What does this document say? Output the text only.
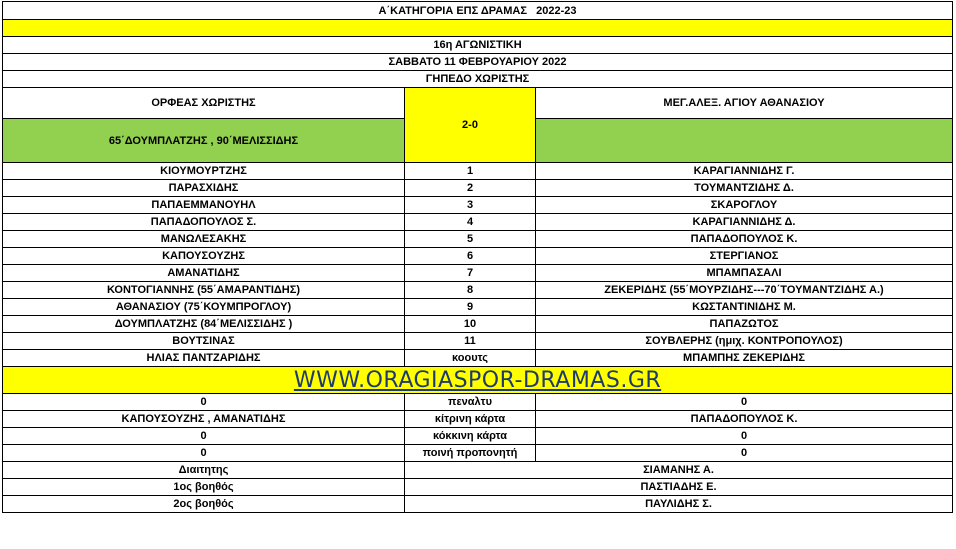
Α΄ΚΑΤΗΓΟΡΙΑ ΕΠΣ ΔΡΑΜΑΣ   2022-23		

16η ΑΓΩΝΙΣΤΙΚΗ		
ΣΑΒΒΑΤΟ 11 ΦΕΒΡΟΥΑΡΙΟΥ 2022		
ΓΗΠΕΔΟ ΧΩΡΙΣΤΗΣ		
ΟΡΦΕΑΣ ΧΩΡΙΣΤΗΣ	2-0	ΜΕΓ.ΑΛΕΞ. ΑΓΙΟΥ ΑΘΑΝΑΣΙΟΥ
65΄ΔΟΥΜΠΛΑΤΖΗΣ , 90΄ΜΕΛΙΣΣΙΔΗΣ		
ΚΙΟΥΜΟΥΡΤΖΗΣ	1	ΚΑΡΑΓΙΑΝΝΙΔΗΣ Γ.
ΠΑΡΑΣΧΙΔΗΣ	2	ΤΟΥΜΑΝΤΖΙΔΗΣ Δ.
ΠΑΠΑΕΜΜΑΝΟΥΗΛ	3	ΣΚΑΡΟΓΛΟΥ
ΠΑΠΑΔΟΠΟΥΛΟΣ Σ.	4	ΚΑΡΑΓΙΑΝΝΙΔΗΣ Δ.
ΜΑΝΩΛΕΣΑΚΗΣ	5	ΠΑΠΑΔΟΠΟΥΛΟΣ Κ.
ΚΑΠΟΥΣΟΥΖΗΣ	6	ΣΤΕΡΓΙΑΝΟΣ
ΑΜΑΝΑΤΙΔΗΣ	7	ΜΠΑΜΠΑΣΑΛΙ
ΚΟΝΤΟΓΙΑΝΝΗΣ (55΄ΑΜΑΡΑΝΤΙΔΗΣ)	8	ΖΕΚΕΡΙΔΗΣ (55΄ΜΟΥΡΖΙΔΗΣ---70΄ΤΟΥΜΑΝΤΖΙΔΗΣ Α.)
ΑΘΑΝΑΣΙΟΥ (75΄ΚΟΥΜΠΡΟΓΛΟΥ)	9	ΚΩΣΤΑΝΤΙΝΙΔΗΣ Μ.
ΔΟΥΜΠΛΑΤΖΗΣ (84΄ΜΕΛΙΣΣΙΔΗΣ )	10	ΠΑΠΑΖΩΤΟΣ
ΒΟΥΤΣΙΝΑΣ	11	ΣΟΥΒΛΕΡΗΣ (ημιχ. ΚΟΝΤΡΟΠΟΥΛΟΣ)
ΗΛΙΑΣ ΠΑΝΤΖΑΡΙΔΗΣ	κοουτς	ΜΠΑΜΠΗΣ ΖΕΚΕΡΙΔΗΣ
WWW.ORAGIASPOR-DRAMAS.GR		
0	πεναλτυ	0
ΚΑΠΟΥΣΟΥΖΗΣ , ΑΜΑΝΑΤΙΔΗΣ	κίτρινη κάρτα	ΠΑΠΑΔΟΠΟΥΛΟΣ Κ.
0	κόκκινη κάρτα	0
0	ποινή προπονητή	0
Διαιτητης	ΣΙΑΜΑΝΗΣ Α.	
1ος βοηθός	ΠΑΣΤΙΑΔΗΣ Ε.	
2ος βοηθός	ΠΑΥΛΙΔΗΣ Σ.	
